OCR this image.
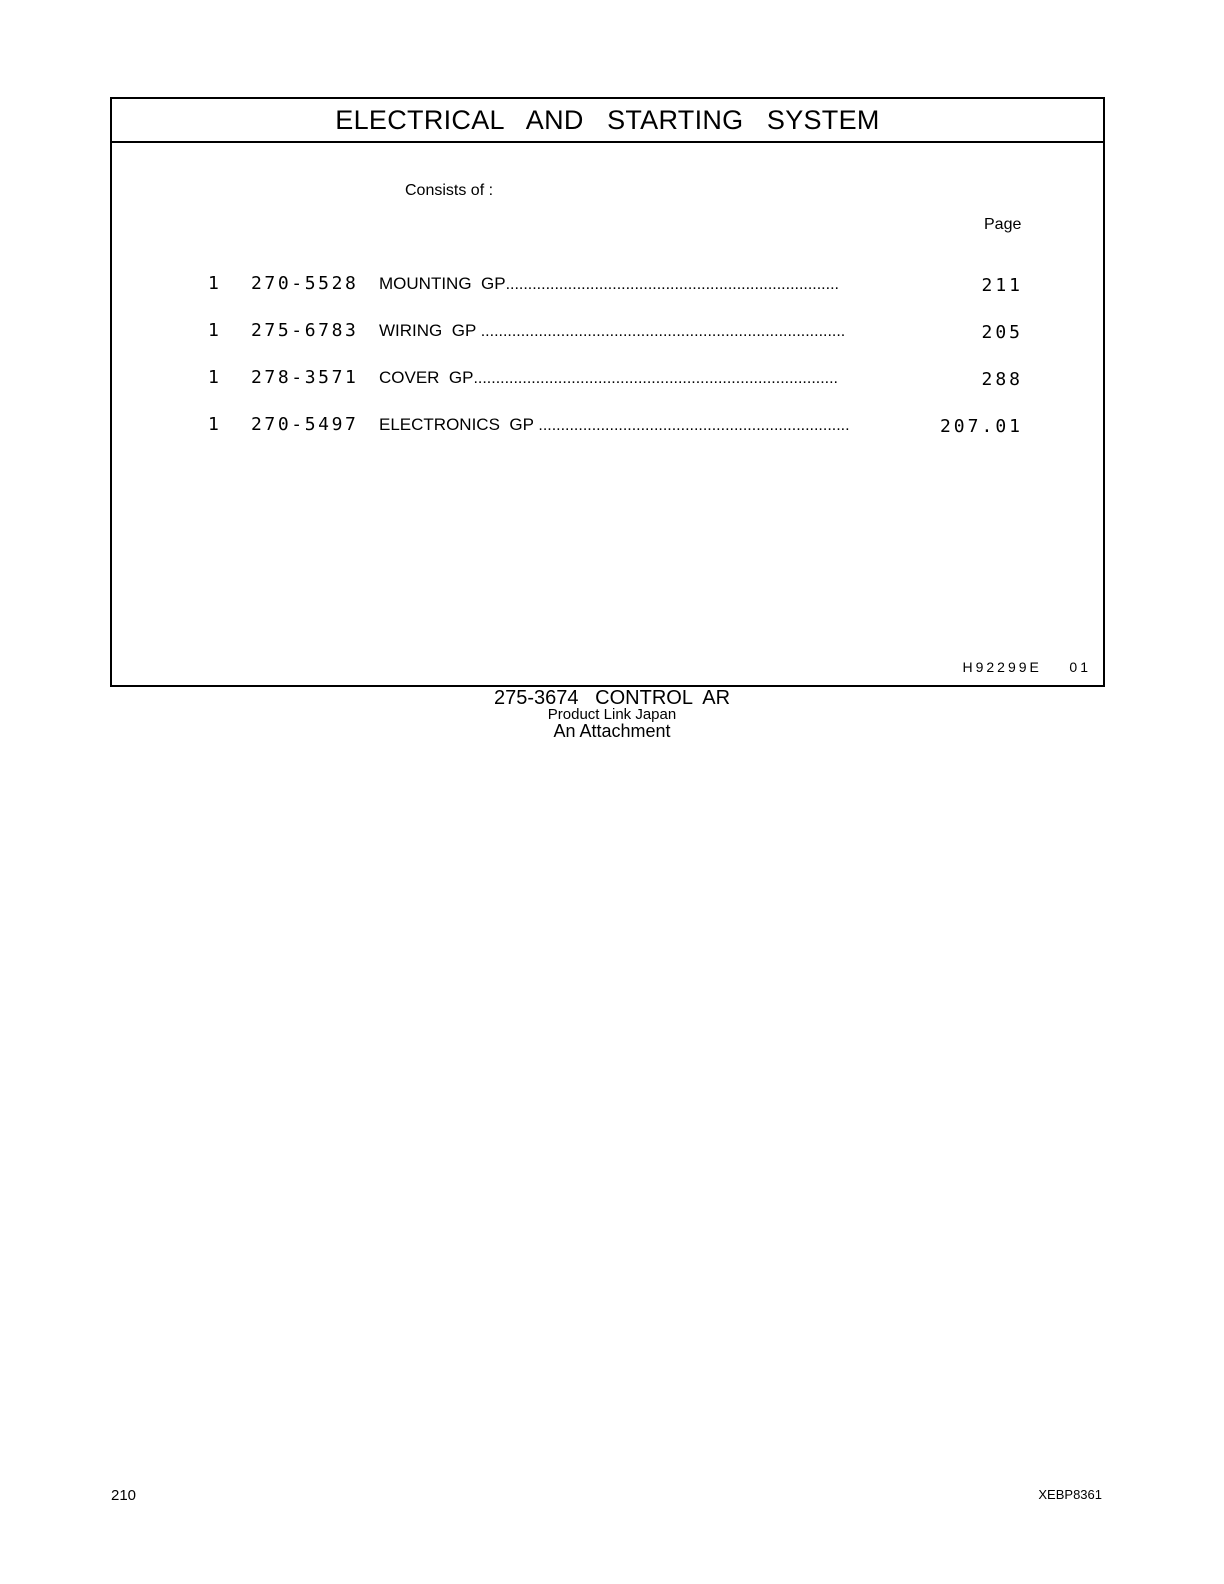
ELECTRICAL   AND   STARTING   SYSTEM
Consists of :
Page
1 270-5528 MOUNTING  GP...........................................................................	211
1 275-6783 WIRING  GP ..................................................................................	205
1 278-3571 COVER  GP..................................................................................	288
1 270-5497 ELECTRONICS  GP ......................................................................	207.01
H92299E    01
275-3674   CONTROL  AR
Product Link Japan
An Attachment
210	XEBP8361
